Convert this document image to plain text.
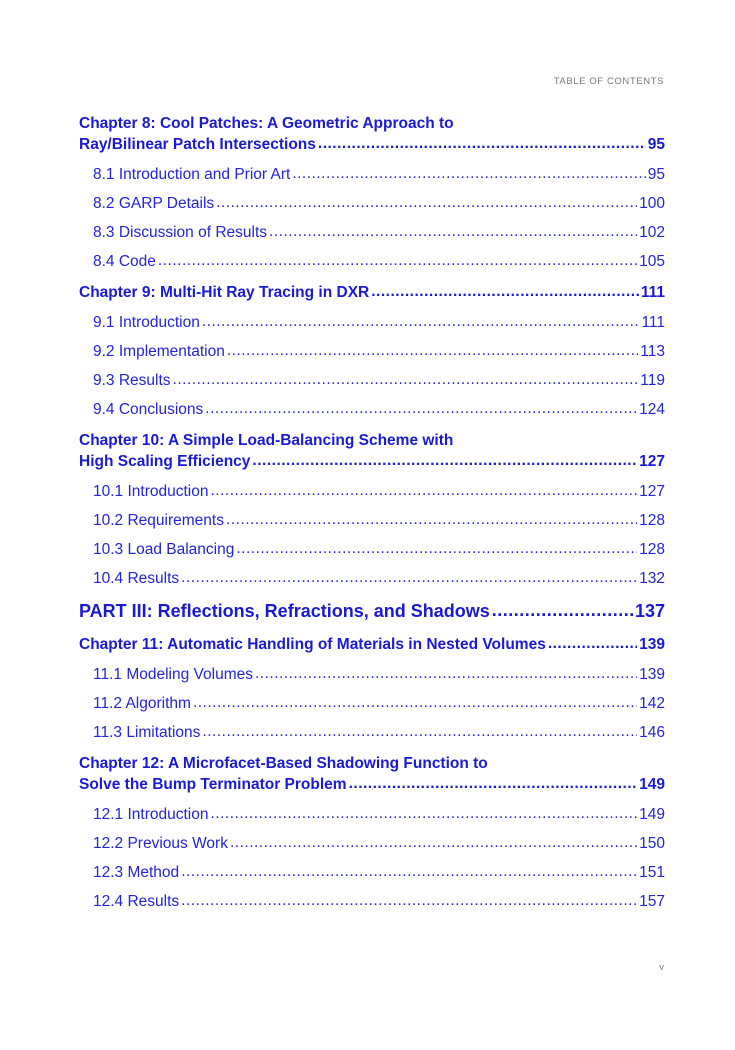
TABLE OF CONTENTS
Chapter 8: Cool Patches: A Geometric Approach to
Ray/Bilinear Patch Intersections .....	95
8.1 Introduction and Prior Art .....	95
8.2 GARP Details .....	100
8.3 Discussion of Results .....	102
8.4 Code .....	105
Chapter 9: Multi-Hit Ray Tracing in DXR .....	111
9.1 Introduction .....	111
9.2 Implementation .....	113
9.3 Results .....	119
9.4 Conclusions .....	124
Chapter 10: A Simple Load-Balancing Scheme with
High Scaling Efficiency .....	127
10.1 Introduction .....	127
10.2 Requirements .....	128
10.3 Load Balancing .....	128
10.4 Results .....	132
PART III: Reflections, Refractions, and Shadows .....	137
Chapter 11: Automatic Handling of Materials in Nested Volumes .....	139
11.1 Modeling Volumes .....	139
11.2 Algorithm .....	142
11.3 Limitations .....	146
Chapter 12: A Microfacet-Based Shadowing Function to
Solve the Bump Terminator Problem .....	149
12.1 Introduction .....	149
12.2 Previous Work .....	150
12.3 Method .....	151
12.4 Results .....	157
v
